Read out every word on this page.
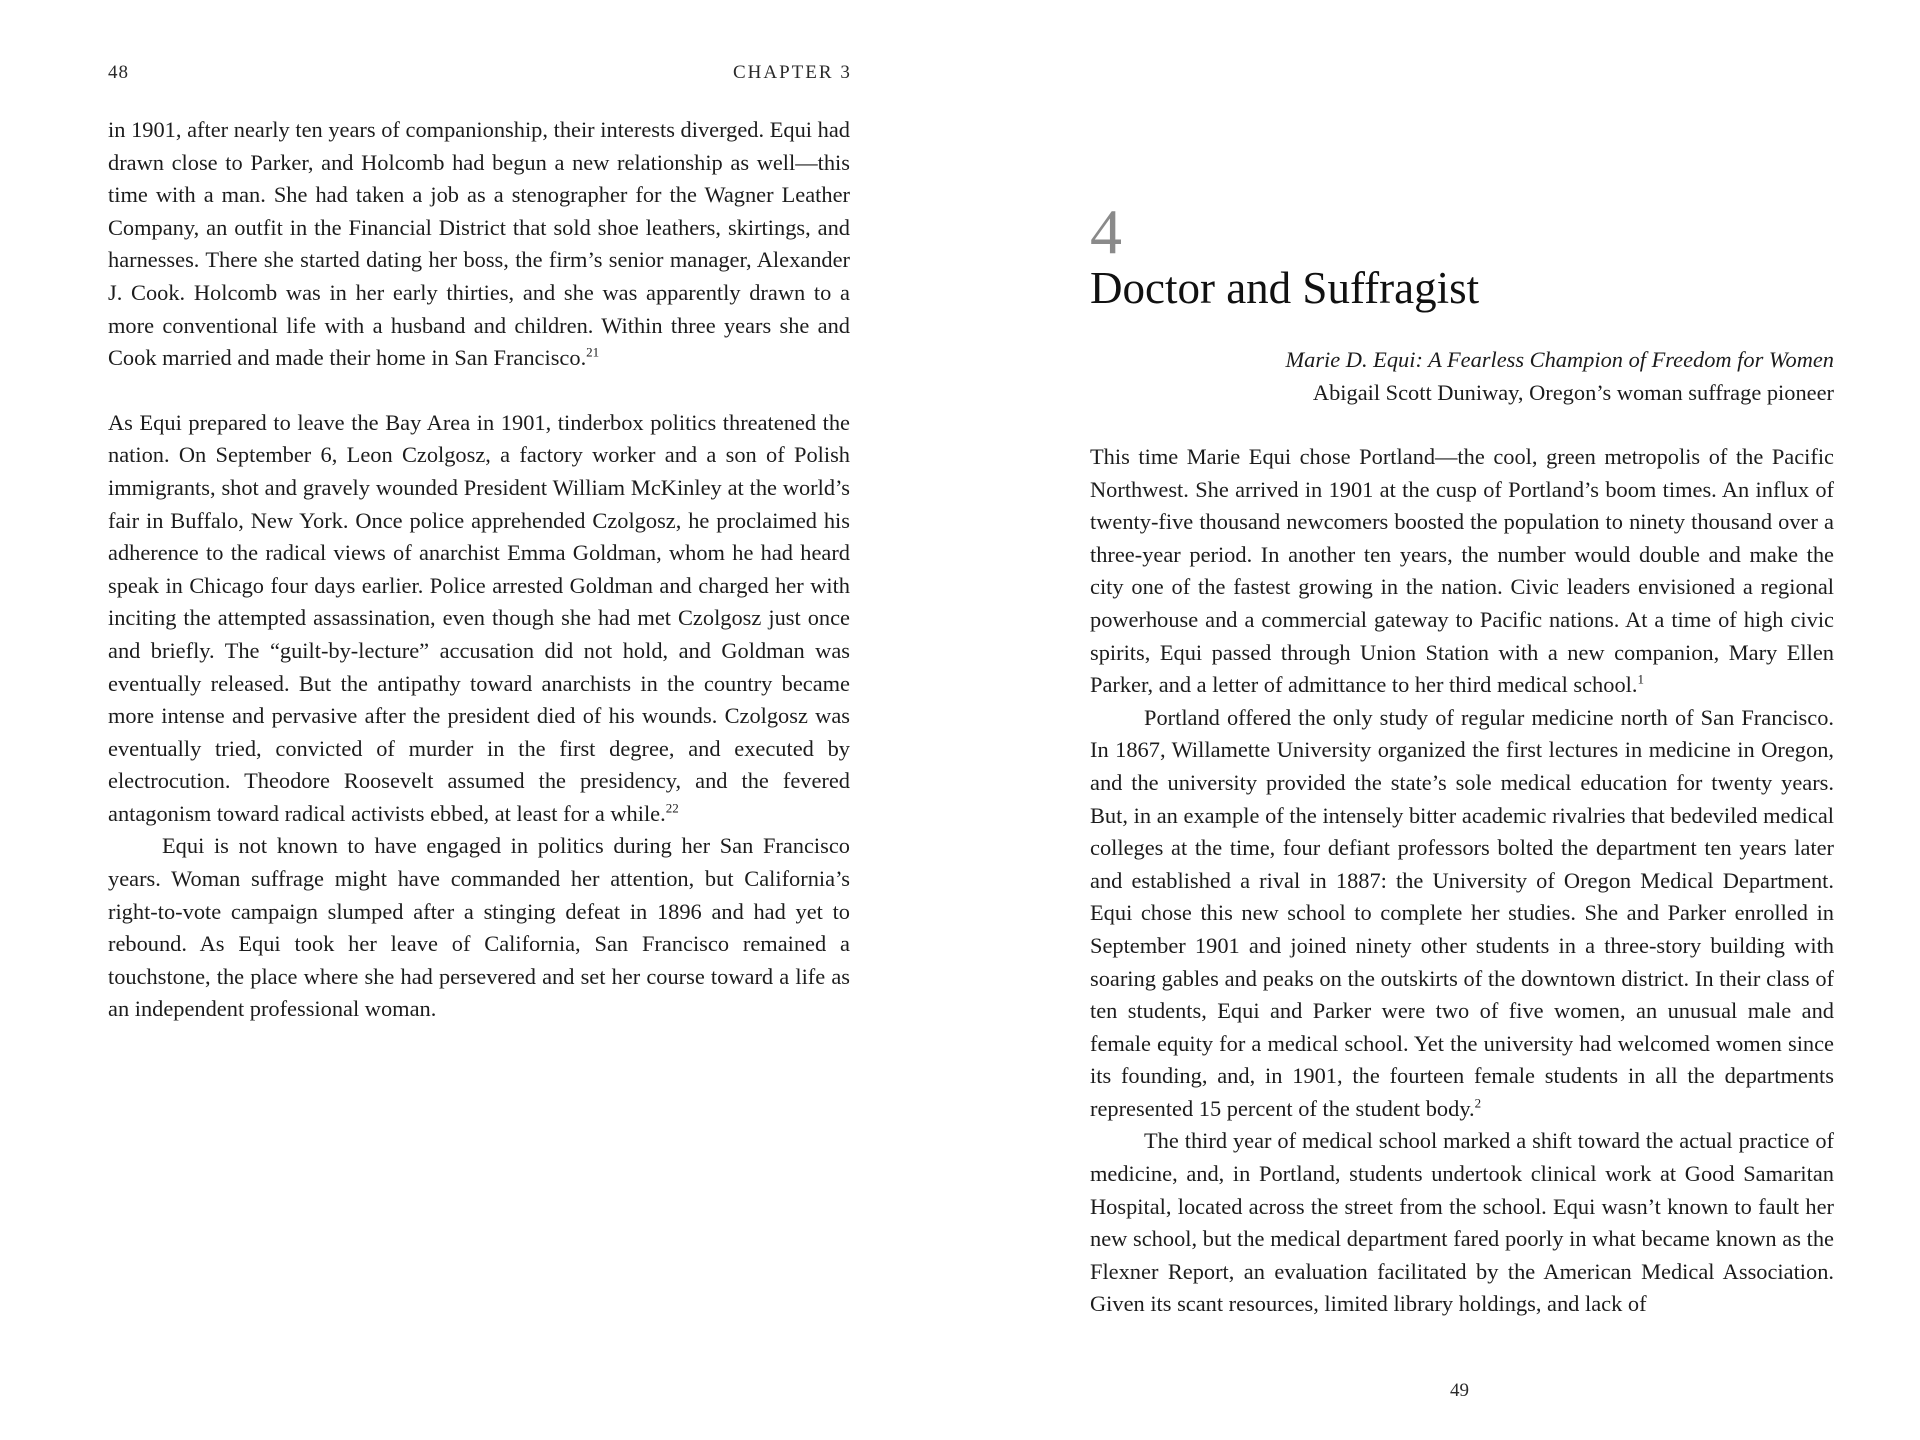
48	CHAPTER 3

in 1901, after nearly ten years of companionship, their interests diverged. Equi had drawn close to Parker, and Holcomb had begun a new relationship as well—this time with a man. She had taken a job as a stenographer for the Wagner Leather Company, an outfit in the Financial District that sold shoe leathers, skirtings, and harnesses. There she started dating her boss, the firm’s senior manager, Alexander J. Cook. Holcomb was in her early thirties, and she was apparently drawn to a more conventional life with a husband and children. Within three years she and Cook married and made their home in San Francisco.$^{21}$

As Equi prepared to leave the Bay Area in 1901, tinderbox politics threatened the nation. On September 6, Leon Czolgosz, a factory worker and a son of Polish immigrants, shot and gravely wounded President William McKinley at the world’s fair in Buffalo, New York. Once police apprehended Czolgosz, he proclaimed his adherence to the radical views of anarchist Emma Goldman, whom he had heard speak in Chicago four days earlier. Police arrested Goldman and charged her with inciting the attempted assassination, even though she had met Czolgosz just once and briefly. The “guilt-by-lecture” accusation did not hold, and Goldman was eventually released. But the antipathy toward anarchists in the country became more intense and pervasive after the president died of his wounds. Czolgosz was eventually tried, convicted of murder in the first degree, and executed by electrocution. Theodore Roosevelt assumed the presidency, and the fevered antagonism toward radical activists ebbed, at least for a while.$^{22}$

Equi is not known to have engaged in politics during her San Francisco years. Woman suffrage might have commanded her attention, but California’s right-to-vote campaign slumped after a stinging defeat in 1896 and had yet to rebound. As Equi took her leave of California, San Francisco remained a touchstone, the place where she had persevered and set her course toward a life as an independent professional woman.

4
Doctor and Suffragist
Marie D. Equi: A Fearless Champion of Freedom for Women
Abigail Scott Duniway, Oregon’s woman suffrage pioneer

This time Marie Equi chose Portland—the cool, green metropolis of the Pacific Northwest. She arrived in 1901 at the cusp of Portland’s boom times. An influx of twenty-five thousand newcomers boosted the population to ninety thousand over a three-year period. In another ten years, the number would double and make the city one of the fastest growing in the nation. Civic leaders envisioned a regional powerhouse and a commercial gateway to Pacific nations. At a time of high civic spirits, Equi passed through Union Station with a new companion, Mary Ellen Parker, and a letter of admittance to her third medical school.$^1$

Portland offered the only study of regular medicine north of San Francisco. In 1867, Willamette University organized the first lectures in medicine in Oregon, and the university provided the state’s sole medical education for twenty years. But, in an example of the intensely bitter academic rivalries that bedeviled medical colleges at the time, four defiant professors bolted the department ten years later and established a rival in 1887: the University of Oregon Medical Department. Equi chose this new school to complete her studies. She and Parker enrolled in September 1901 and joined ninety other students in a three-story building with soaring gables and peaks on the outskirts of the downtown district. In their class of ten students, Equi and Parker were two of five women, an unusual male and female equity for a medical school. Yet the university had welcomed women since its founding, and, in 1901, the fourteen female students in all the departments represented 15 percent of the student body.$^2$

The third year of medical school marked a shift toward the actual practice of medicine, and, in Portland, students undertook clinical work at Good Samaritan Hospital, located across the street from the school. Equi wasn’t known to fault her new school, but the medical department fared poorly in what became known as the Flexner Report, an evaluation facilitated by the American Medical Association. Given its scant resources, limited library holdings, and lack of

49
